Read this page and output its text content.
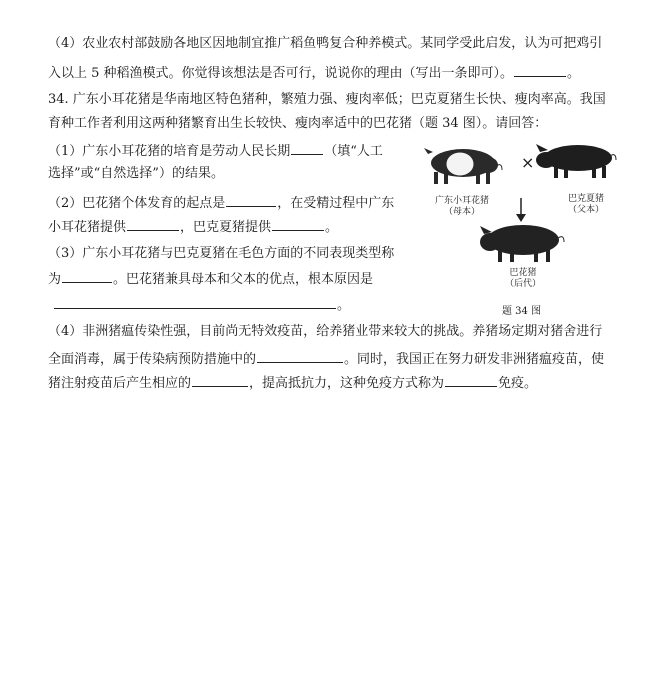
（4）农业农村部鼓励各地区因地制宜推广稻鱼鸭复合种养模式。某同学受此启发，认为可把鸡引
入以上 5 种稻渔模式。你觉得该想法是否可行，说说你的理由（写出一条即可）。	。
34. 广东小耳花猪是华南地区特色猪种，繁殖力强、瘦肉率低；巴克夏猪生长快、瘦肉率高。我国
育种工作者利用这两种猪繁育出生长较快、瘦肉率适中的巴花猪（题 34 图）。请回答：
（1）广东小耳花猪的培育是劳动人民长期	（填“人工
选择”或“自然选择”）的结果。
（2）巴花猪个体发育的起点是	，在受精过程中广东
小耳花猪提供	，巴克夏猪提供	。
（3）广东小耳花猪与巴克夏猪在毛色方面的不同表现类型称
为	。巴花猪兼具母本和父本的优点，根本原因是
。
（4）非洲猪瘟传染性强，目前尚无特效疫苗，给养猪业带来较大的挑战。养猪场定期对猪舍进行
全面消毒，属于传染病预防措施中的	。同时，我国正在努力研发非洲猪瘟疫苗，使
猪注射疫苗后产生相应的	，提高抵抗力，这种免疫方式称为	免疫。
×
广东小耳花猪
（母本）
巴克夏猪
（父本）
巴花猪
（后代）
题 34 图
